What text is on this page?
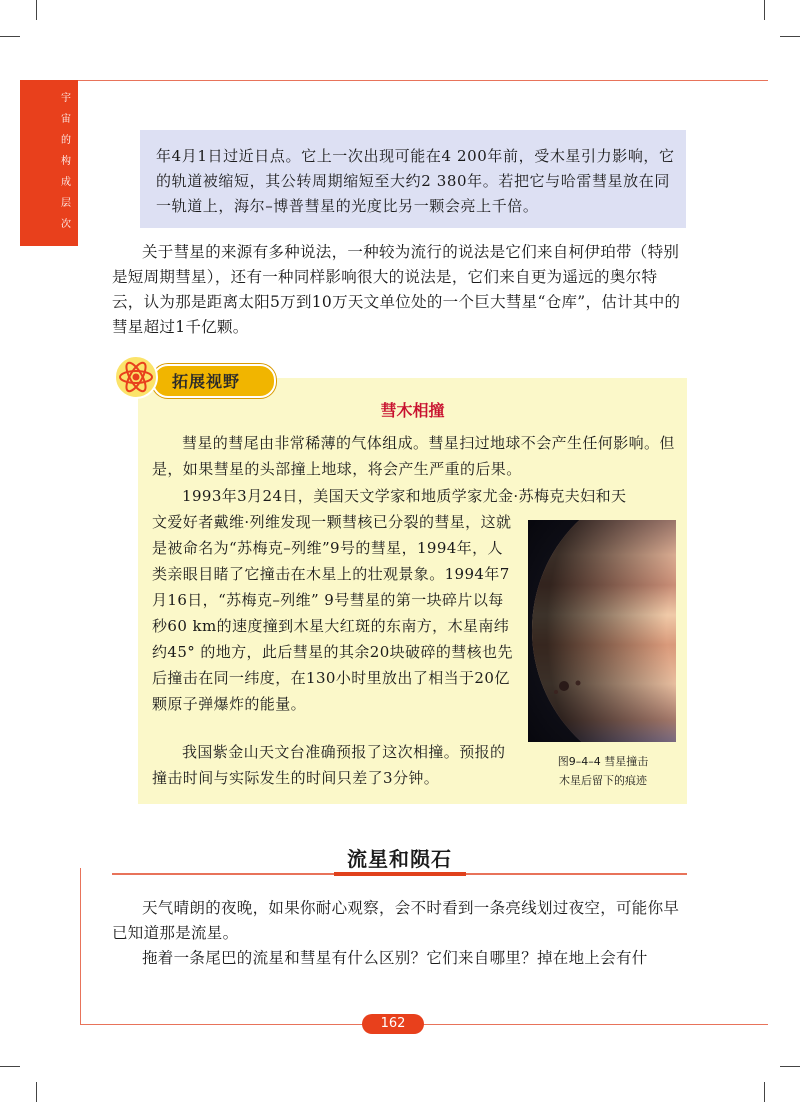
宇
宙
的
构
成
层
次

年4月1日过近日点。它上一次出现可能在4 200年前，受木星引力影响，它的轨道被缩短，其公转周期缩短至大约2 380年。若把它与哈雷彗星放在同一轨道上，海尔–博普彗星的光度比另一颗会亮上千倍。

关于彗星的来源有多种说法，一种较为流行的说法是它们来自柯伊珀带（特别是短周期彗星），还有一种同样影响很大的说法是，它们来自更为遥远的奥尔特云，认为那是距离太阳5万到10万天文单位处的一个巨大彗星“仓库”，估计其中的彗星超过1千亿颗。

拓展视野

彗木相撞

彗星的彗尾由非常稀薄的气体组成。彗星扫过地球不会产生任何影响。但是，如果彗星的头部撞上地球，将会产生严重的后果。

1993年3月24日，美国天文学家和地质学家尤金·苏梅克夫妇和天

文爱好者戴维·列维发现一颗彗核已分裂的彗星，这就是被命名为“苏梅克–列维”9号的彗星，1994年，人类亲眼目睹了它撞击在木星上的壮观景象。1994年7月16日，“苏梅克–列维” 9号彗星的第一块碎片以每秒60 km的速度撞到木星大红斑的东南方，木星南纬约45° 的地方，此后彗星的其余20块破碎的彗核也先后撞击在同一纬度，在130小时里放出了相当于20亿颗原子弹爆炸的能量。

我国紫金山天文台准确预报了这次相撞。预报的撞击时间与实际发生的时间只差了3分钟。

图9–4–4 彗星撞击
木星后留下的痕迹

流星和陨石

天气晴朗的夜晚，如果你耐心观察，会不时看到一条亮线划过夜空，可能你早已知道那是流星。

拖着一条尾巴的流星和彗星有什么区别？它们来自哪里？掉在地上会有什

162
